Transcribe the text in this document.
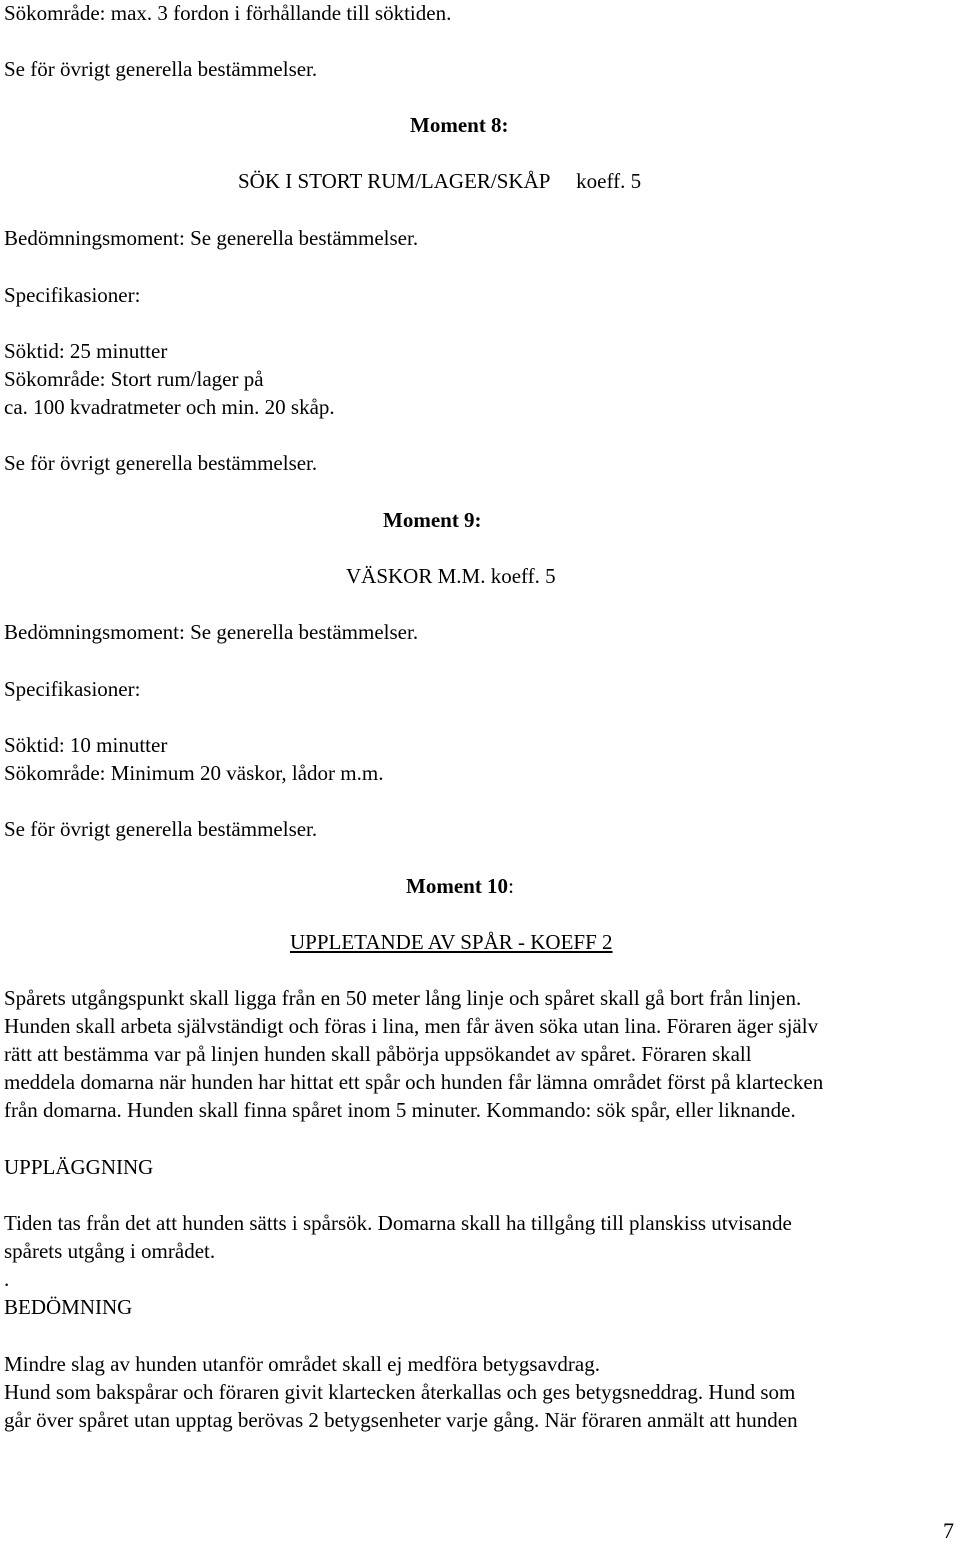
Sökområde: max. 3 fordon i förhållande till söktiden.
Se för övrigt generella bestämmelser.
Moment 8:
SÖK I STORT RUM/LAGER/SKÅP koeff. 5
Bedömningsmoment: Se generella bestämmelser.
Specifikasioner:
Söktid: 25 minutter
Sökområde: Stort rum/lager på
ca. 100 kvadratmeter och min. 20 skåp.
Se för övrigt generella bestämmelser.
Moment 9:
VÄSKOR M.M. koeff. 5
Bedömningsmoment: Se generella bestämmelser.
Specifikasioner:
Söktid: 10 minutter
Sökområde: Minimum 20 väskor, lådor m.m.
Se för övrigt generella bestämmelser.
Moment 10:
UPPLETANDE AV SPÅR - KOEFF 2
Spårets utgångspunkt skall ligga från en 50 meter lång linje och spåret skall gå bort från linjen.
Hunden skall arbeta självständigt och föras i lina, men får även söka utan lina. Föraren äger själv
rätt att bestämma var på linjen hunden skall påbörja uppsökandet av spåret. Föraren skall
meddela domarna när hunden har hittat ett spår och hunden får lämna området först på klartecken
från domarna. Hunden skall finna spåret inom 5 minuter. Kommando: sök spår, eller liknande.
UPPLÄGGNING
Tiden tas från det att hunden sätts i spårsök. Domarna skall ha tillgång till planskiss utvisande
spårets utgång i området.
.
BEDÖMNING
Mindre slag av hunden utanför området skall ej medföra betygsavdrag.
Hund som bakspårar och föraren givit klartecken återkallas och ges betygsneddrag. Hund som
går över spåret utan upptag berövas 2 betygsenheter varje gång. När föraren anmält att hunden
7
